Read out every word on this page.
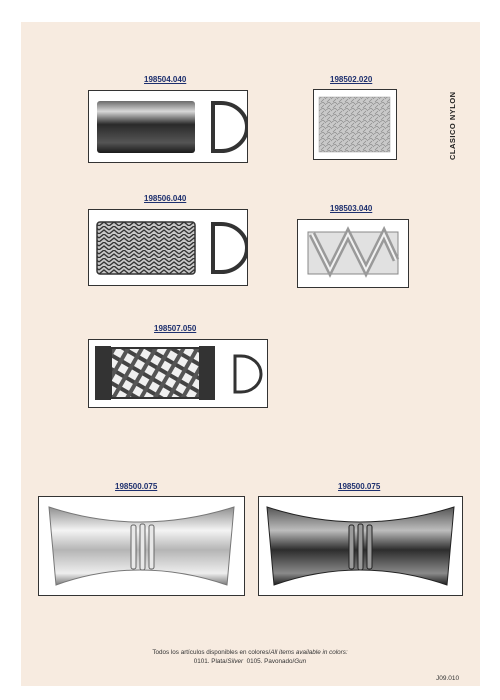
CLASICO NYLON
198504.040	198502.020
198506.040
198503.040
198507.050
198500.075	198500.075
Todos los artículos disponibles en colores/All items available in colors:
0101. Plata/Silver 0105. Pavonado/Gun
J09.010
